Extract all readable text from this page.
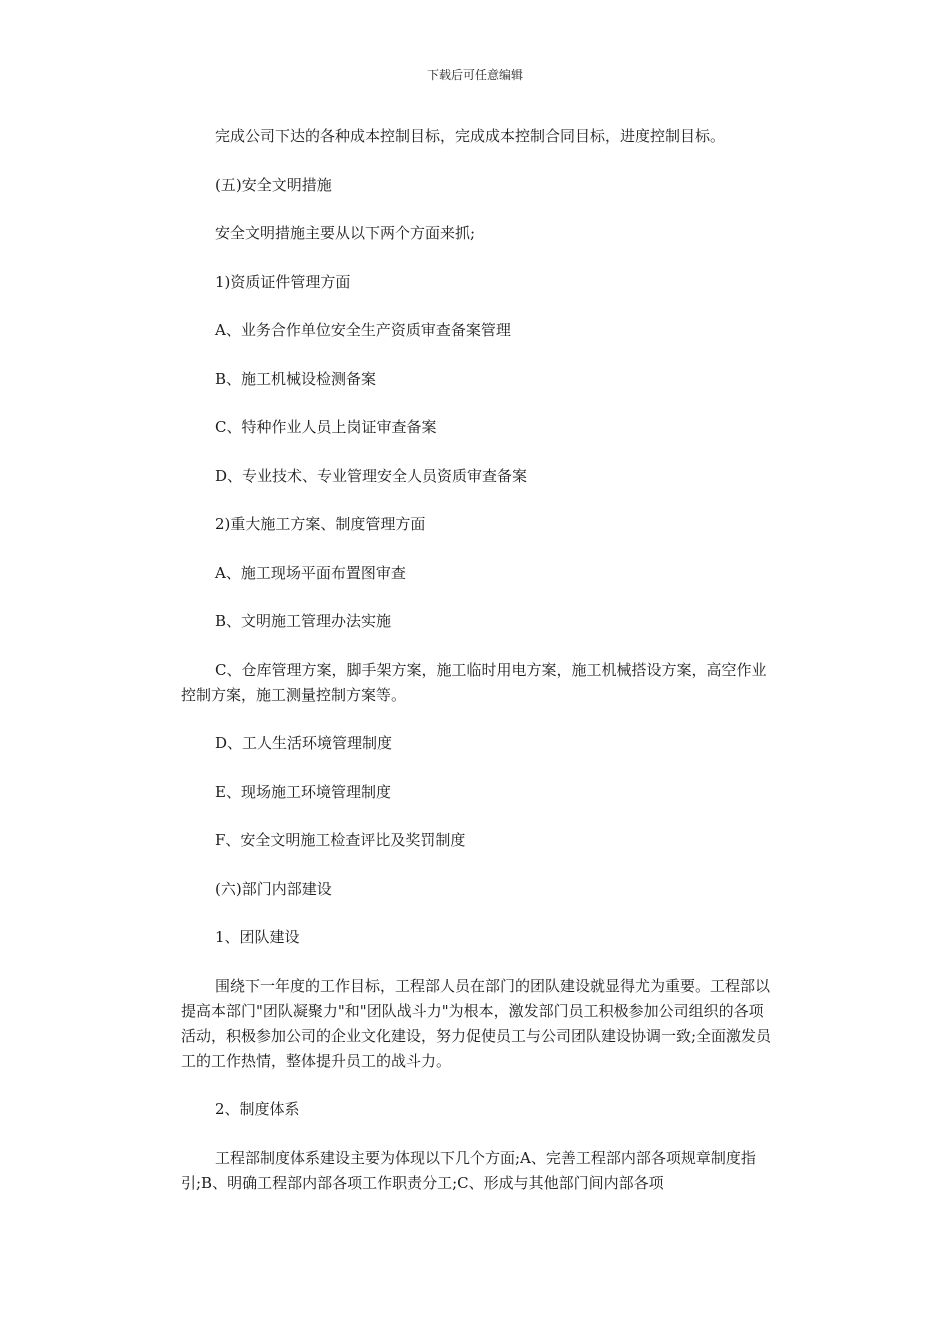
下载后可任意编辑

完成公司下达的各种成本控制目标，完成成本控制合同目标，进度控制目标。

(五)安全文明措施

安全文明措施主要从以下两个方面来抓;

1)资质证件管理方面

A、业务合作单位安全生产资质审查备案管理

B、施工机械设检测备案

C、特种作业人员上岗证审查备案

D、专业技术、专业管理安全人员资质审查备案

2)重大施工方案、制度管理方面

A、施工现场平面布置图审查

B、文明施工管理办法实施

C、仓库管理方案，脚手架方案，施工临时用电方案，施工机械搭设方案，高空作业控制方案，施工测量控制方案等。

D、工人生活环境管理制度

E、现场施工环境管理制度

F、安全文明施工检查评比及奖罚制度

(六)部门内部建设

1、团队建设

围绕下一年度的工作目标，工程部人员在部门的团队建设就显得尤为重要。工程部以提高本部门"团队凝聚力"和"团队战斗力"为根本，激发部门员工积极参加公司组织的各项活动，积极参加公司的企业文化建设，努力促使员工与公司团队建设协调一致;全面激发员工的工作热情，整体提升员工的战斗力。

2、制度体系

工程部制度体系建设主要为体现以下几个方面;A、完善工程部内部各项规章制度指引;B、明确工程部内部各项工作职责分工;C、形成与其他部门间内部各项
